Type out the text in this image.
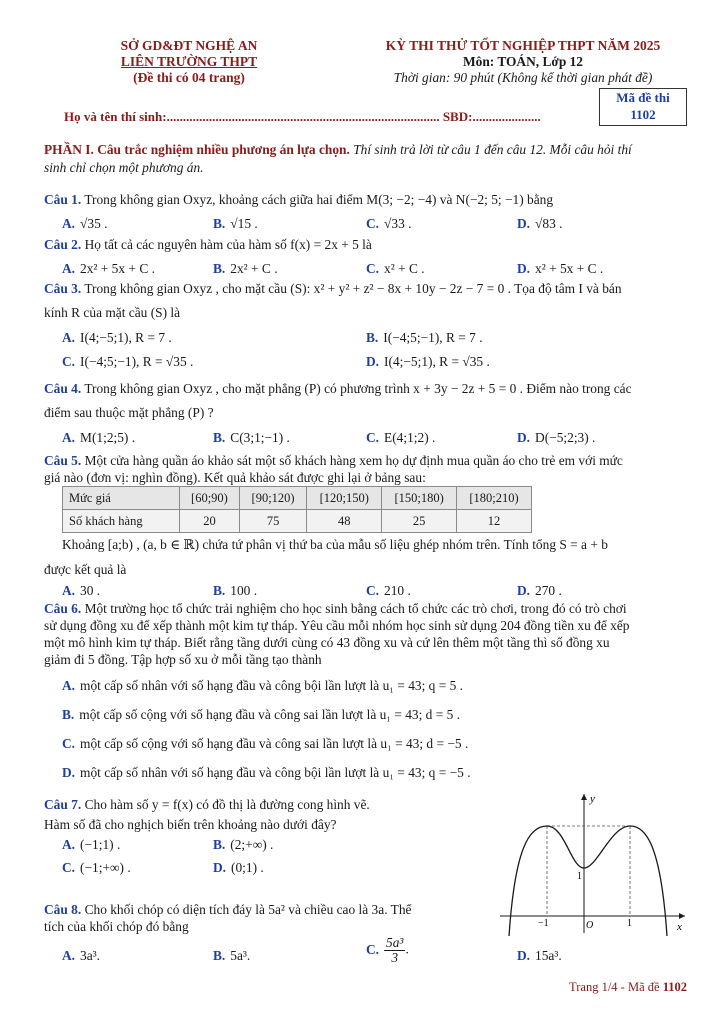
SỞ GD&ĐT NGHỆ AN
LIÊN TRƯỜNG THPT
(Đề thi có 04 trang)
KỲ THI THỬ TỐT NGHIỆP THPT NĂM 2025
Môn: TOÁN, Lớp 12
Thời gian: 90 phút (Không kể thời gian phát đề)
Mã đề thi
1102
Họ và tên thí sinh:.................................................................................... SBD:.....................
PHẦN I. Câu trắc nghiệm nhiều phương án lựa chọn. Thí sinh trả lời từ câu 1 đến câu 12. Mỗi câu hỏi thí
sinh chỉ chọn một phương án.
Câu 1. Trong không gian Oxyz, khoảng cách giữa hai điểm M(3; −2; −4) và N(−2; 5; −1) bằng
A. √35 .	B. √15 .	C. √33 .	D. √83 .
Câu 2. Họ tất cả các nguyên hàm của hàm số f(x) = 2x + 5 là
A. 2x² + 5x + C .	B. 2x² + C .	C. x² + C .	D. x² + 5x + C .
Câu 3. Trong không gian Oxyz , cho mặt cầu (S): x² + y² + z² − 8x + 10y − 2z − 7 = 0 . Tọa độ tâm I và bán
kính R của mặt cầu (S) là
A. I(4;−5;1), R = 7 .	B. I(−4;5;−1), R = 7 .
C. I(−4;5;−1), R = √35 .	D. I(4;−5;1), R = √35 .
Câu 4. Trong không gian Oxyz , cho mặt phẳng (P) có phương trình x + 3y − 2z + 5 = 0 . Điểm nào trong các
điểm sau thuộc mặt phẳng (P) ?
A. M(1;2;5) .	B. C(3;1;−1) .	C. E(4;1;2) .	D. D(−5;2;3) .
Câu 5. Một cửa hàng quần áo khảo sát một số khách hàng xem họ dự định mua quần áo cho trẻ em với mức
giá nào (đơn vị: nghìn đồng). Kết quả khảo sát được ghi lại ở bảng sau:
Mức giá	[60;90)	[90;120)	[120;150)	[150;180)	[180;210)
Số khách hàng	20	75	48	25	12
Khoảng [a;b) , (a, b ∈ ℝ) chứa tứ phân vị thứ ba của mẫu số liệu ghép nhóm trên. Tính tổng S = a + b
được kết quả là
A. 30 .	B. 100 .	C. 210 .	D. 270 .
Câu 6. Một trường học tổ chức trải nghiệm cho học sinh bằng cách tổ chức các trò chơi, trong đó có trò chơi
sử dụng đồng xu để xếp thành một kim tự tháp. Yêu cầu mỗi nhóm học sinh sử dụng 204 đồng tiền xu để xếp
một mô hình kim tự tháp. Biết rằng tầng dưới cùng có 43 đồng xu và cứ lên thêm một tầng thì số đồng xu
giảm đi 5 đồng. Tập hợp số xu ở mỗi tầng tạo thành
A. một cấp số nhân với số hạng đầu và công bội lần lượt là u₁ = 43; q = 5 .
B. một cấp số cộng với số hạng đầu và công sai lần lượt là u₁ = 43; d = 5 .
C. một cấp số cộng với số hạng đầu và công sai lần lượt là u₁ = 43; d = −5 .
D. một cấp số nhân với số hạng đầu và công bội lần lượt là u₁ = 43; q = −5 .
Câu 7. Cho hàm số y = f(x) có đồ thị là đường cong hình vẽ.
Hàm số đã cho nghịch biến trên khoảng nào dưới đây?
A. (−1;1) .	B. (2;+∞) .
C. (−1;+∞) .	D. (0;1) .
y
x
O
−1	1
1
Câu 8. Cho khối chóp có diện tích đáy là 5a² và chiều cao là 3a. Thể
tích của khối chóp đó bằng
A. 3a³.	B. 5a³.	C. $\frac{\text{5a³}}{3}$ .	D. 15a³.
Trang 1/4 - Mã đề 1102
